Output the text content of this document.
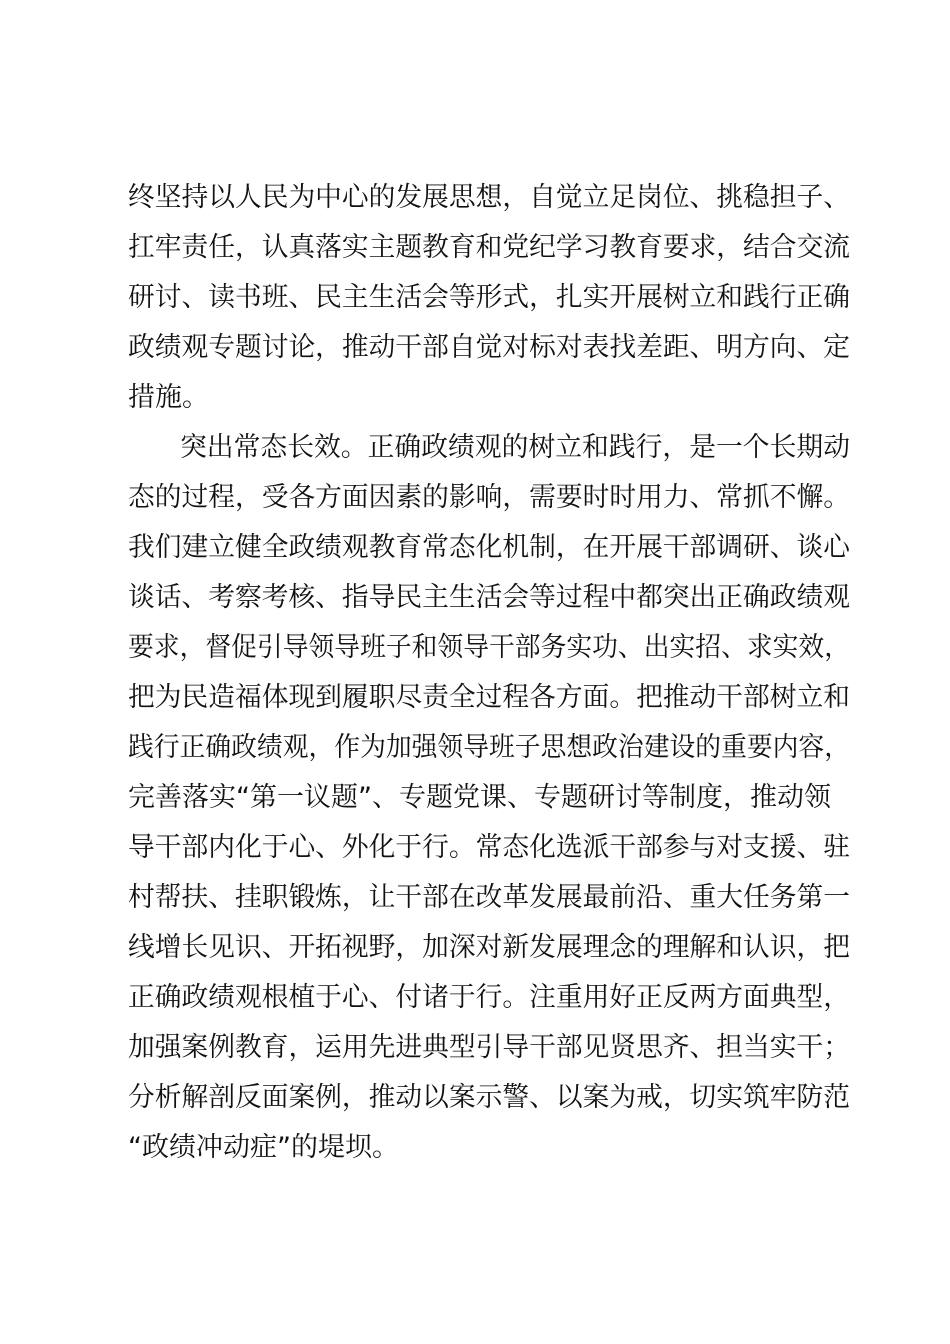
终坚持以人民为中心的发展思想，自觉立足岗位、挑稳担子、
扛牢责任，认真落实主题教育和党纪学习教育要求，结合交流
研讨、读书班、民主生活会等形式，扎实开展树立和践行正确
政绩观专题讨论，推动干部自觉对标对表找差距、明方向、定
措施。
突出常态长效。正确政绩观的树立和践行，是一个长期动
态的过程，受各方面因素的影响，需要时时用力、常抓不懈。
我们建立健全政绩观教育常态化机制，在开展干部调研、谈心
谈话、考察考核、指导民主生活会等过程中都突出正确政绩观
要求，督促引导领导班子和领导干部务实功、出实招、求实效，
把为民造福体现到履职尽责全过程各方面。把推动干部树立和
践行正确政绩观，作为加强领导班子思想政治建设的重要内容，
完善落实“第一议题”、专题党课、专题研讨等制度，推动领
导干部内化于心、外化于行。常态化选派干部参与对支援、驻
村帮扶、挂职锻炼，让干部在改革发展最前沿、重大任务第一
线增长见识、开拓视野，加深对新发展理念的理解和认识，把
正确政绩观根植于心、付诸于行。注重用好正反两方面典型，
加强案例教育，运用先进典型引导干部见贤思齐、担当实干；
分析解剖反面案例，推动以案示警、以案为戒，切实筑牢防范
“政绩冲动症”的堤坝。
